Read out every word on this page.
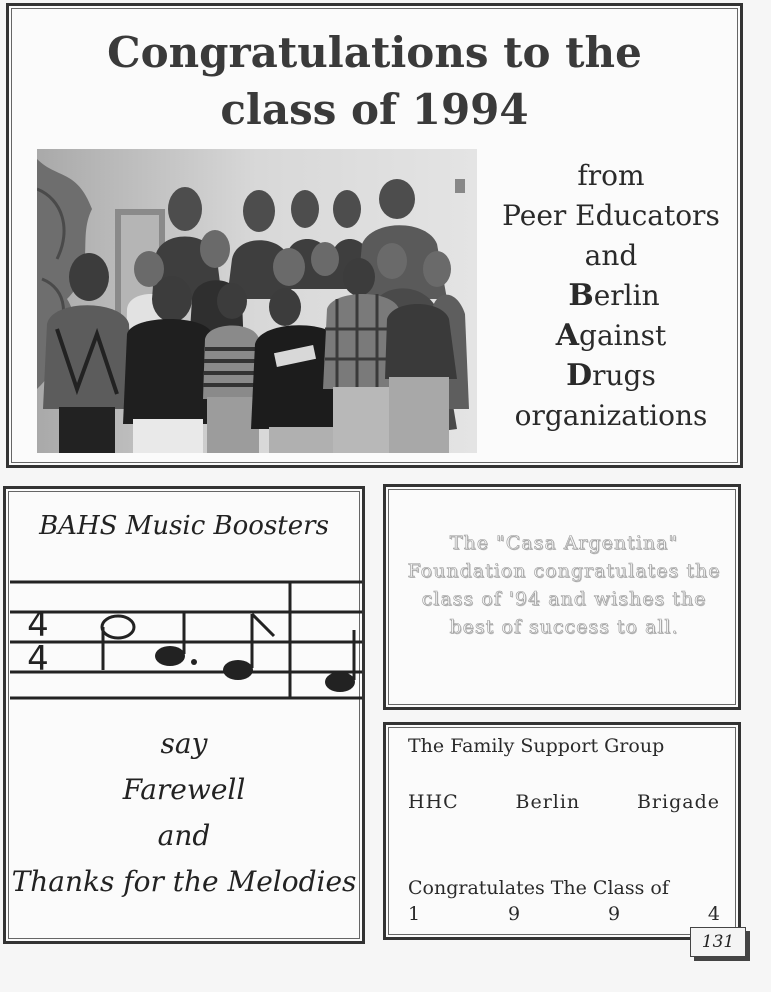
Congratulations to the
class of 1994
from
Peer Educators
and
Berlin
Against
Drugs
organizations
BAHS Music Boosters
4
4
say
Farewell
and
Thanks for the Melodies
The "Casa Argentina" Foundation congratulates the class of '94 and wishes the best of success to all.
The Family Support Group
HHC	Berlin	Brigade
Congratulates The Class of
1	9	9	4
131
